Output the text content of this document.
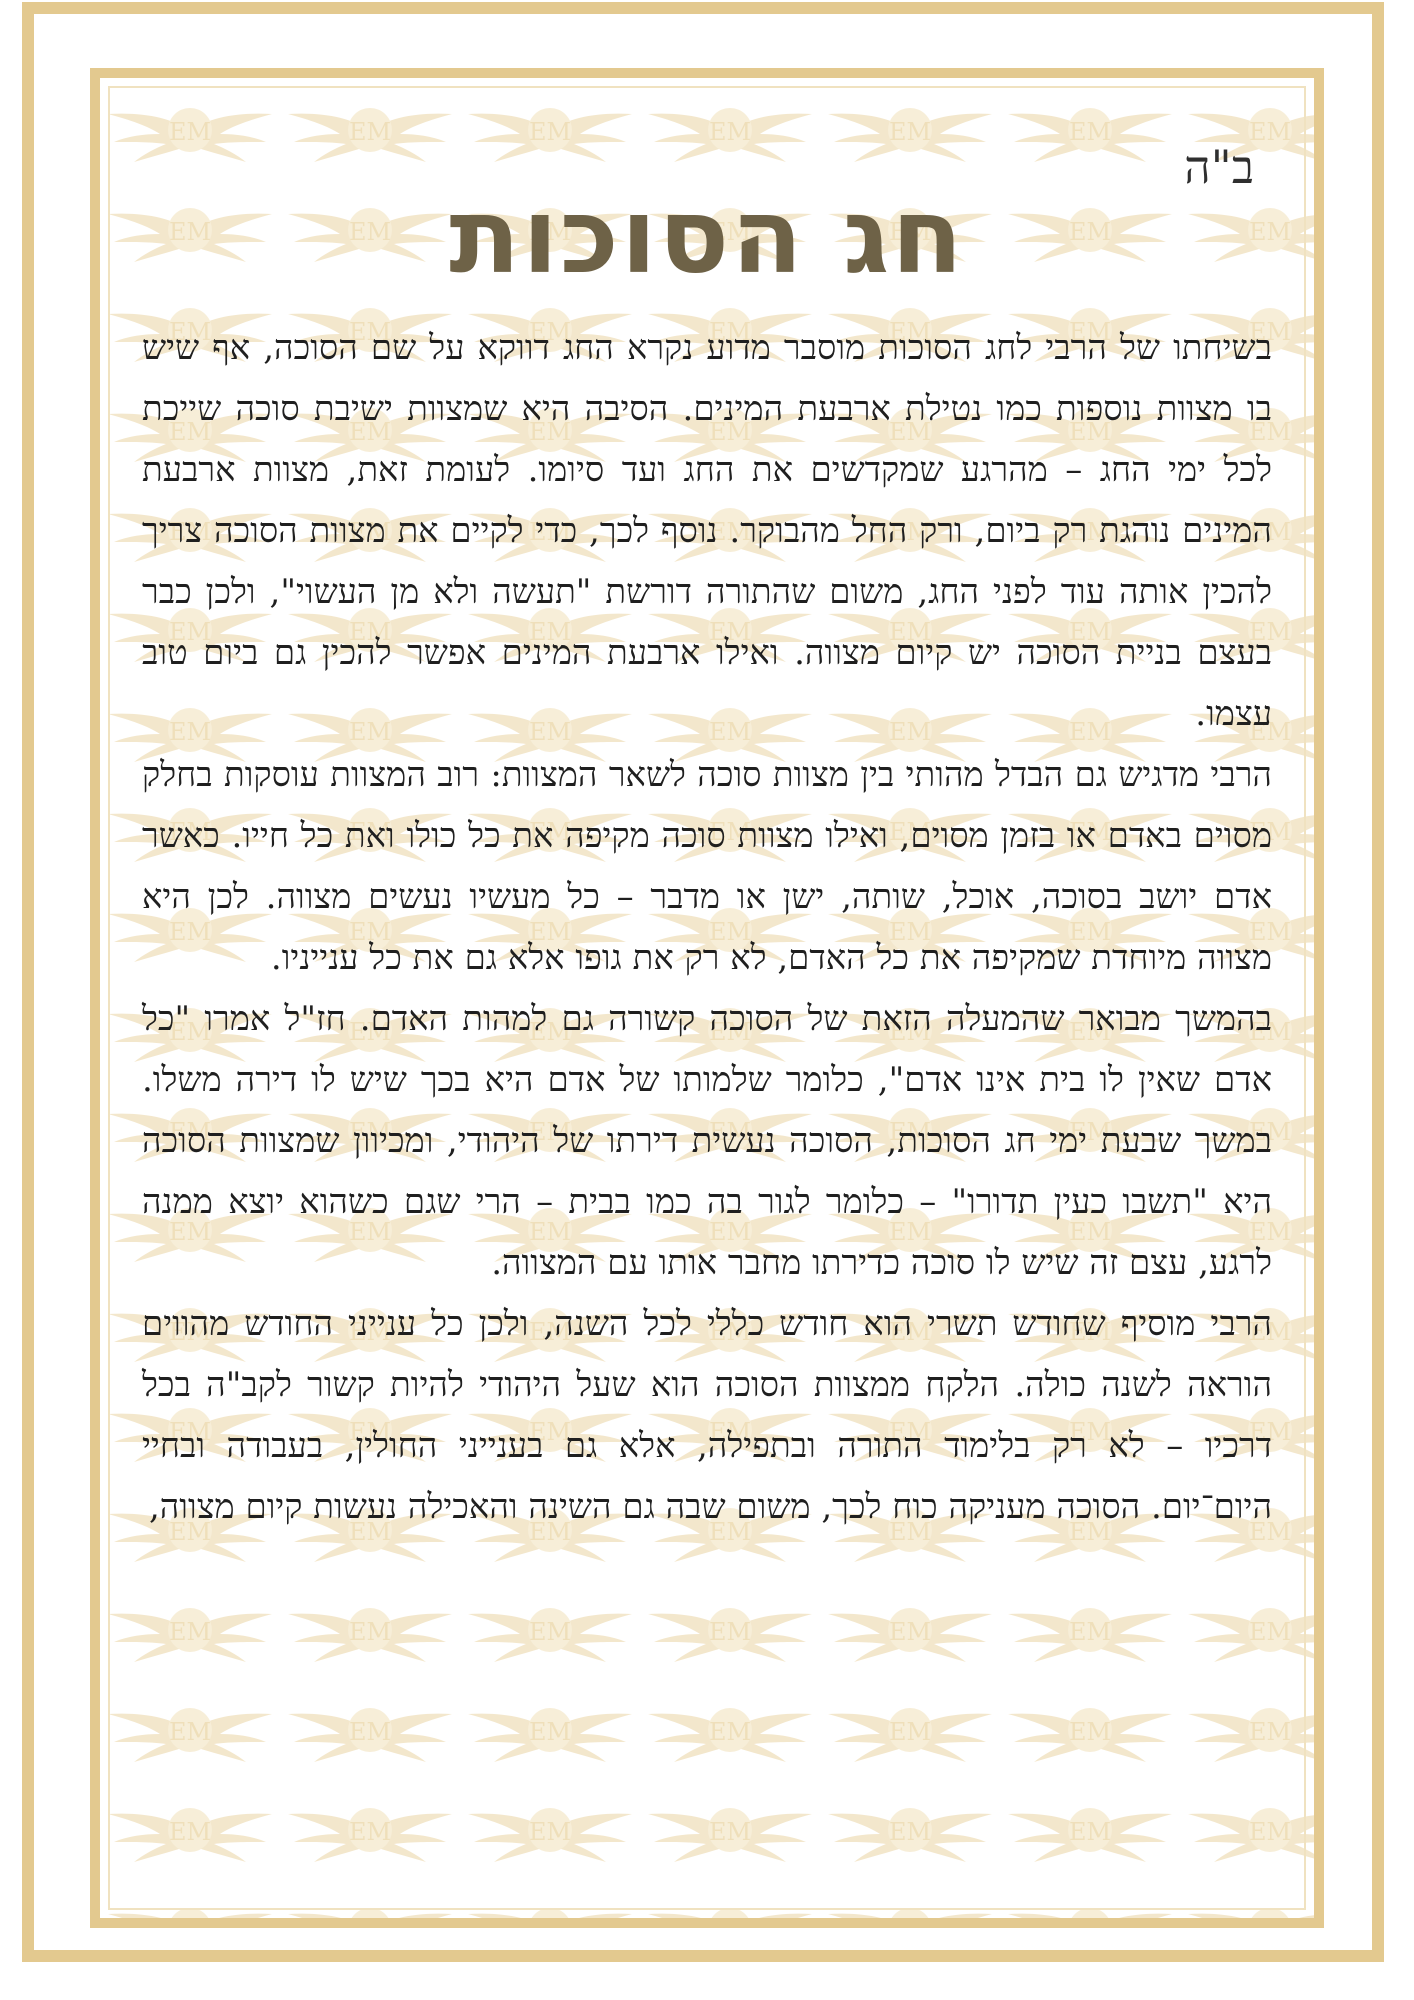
ב"ה
חג הסוכות

בשיחתו של הרבי לחג הסוכות מוסבר מדוע נקרא החג דווקא על שם הסוכה, אף שיש בו מצוות נוספות כמו נטילת ארבעת המינים. הסיבה היא שמצוות ישיבת סוכה שייכת לכל ימי החג – מהרגע שמקדשים את החג ועד סיומו. לעומת זאת, מצוות ארבעת המינים נוהגת רק ביום, ורק החל מהבוקר. נוסף לכך, כדי לקיים את מצוות הסוכה צריך להכין אותה עוד לפני החג, משום שהתורה דורשת "תעשה ולא מן העשוי", ולכן כבר בעצם בניית הסוכה יש קיום מצווה. ואילו ארבעת המינים אפשר להכין גם ביום טוב עצמו.

הרבי מדגיש גם הבדל מהותי בין מצוות סוכה לשאר המצוות: רוב המצוות עוסקות בחלק מסוים באדם או בזמן מסוים, ואילו מצוות סוכה מקיפה את כל כולו ואת כל חייו. כאשר אדם יושב בסוכה, אוכל, שותה, ישן או מדבר – כל מעשיו נעשים מצווה. לכן היא מצווה מיוחדת שמקיפה את כל האדם, לא רק את גופו אלא גם את כל ענייניו.

בהמשך מבואר שהמעלה הזאת של הסוכה קשורה גם למהות האדם. חז"ל אמרו "כל אדם שאין לו בית אינו אדם", כלומר שלמותו של אדם היא בכך שיש לו דירה משלו. במשך שבעת ימי חג הסוכות, הסוכה נעשית דירתו של היהודי, ומכיוון שמצוות הסוכה היא "תשבו כעין תדורו" – כלומר לגור בה כמו בבית – הרי שגם כשהוא יוצא ממנה לרגע, עצם זה שיש לו סוכה כדירתו מחבר אותו עם המצווה.

הרבי מוסיף שחודש תשרי הוא חודש כללי לכל השנה, ולכן כל ענייני החודש מהווים הוראה לשנה כולה. הלקח ממצוות הסוכה הוא שעל היהודי להיות קשור לקב"ה בכל דרכיו – לא רק בלימוד התורה ובתפילה, אלא גם בענייני החולין, בעבודה ובחיי היום־יום. הסוכה מעניקה כוח לכך, משום שבה גם השינה והאכילה נעשות קיום מצווה,
